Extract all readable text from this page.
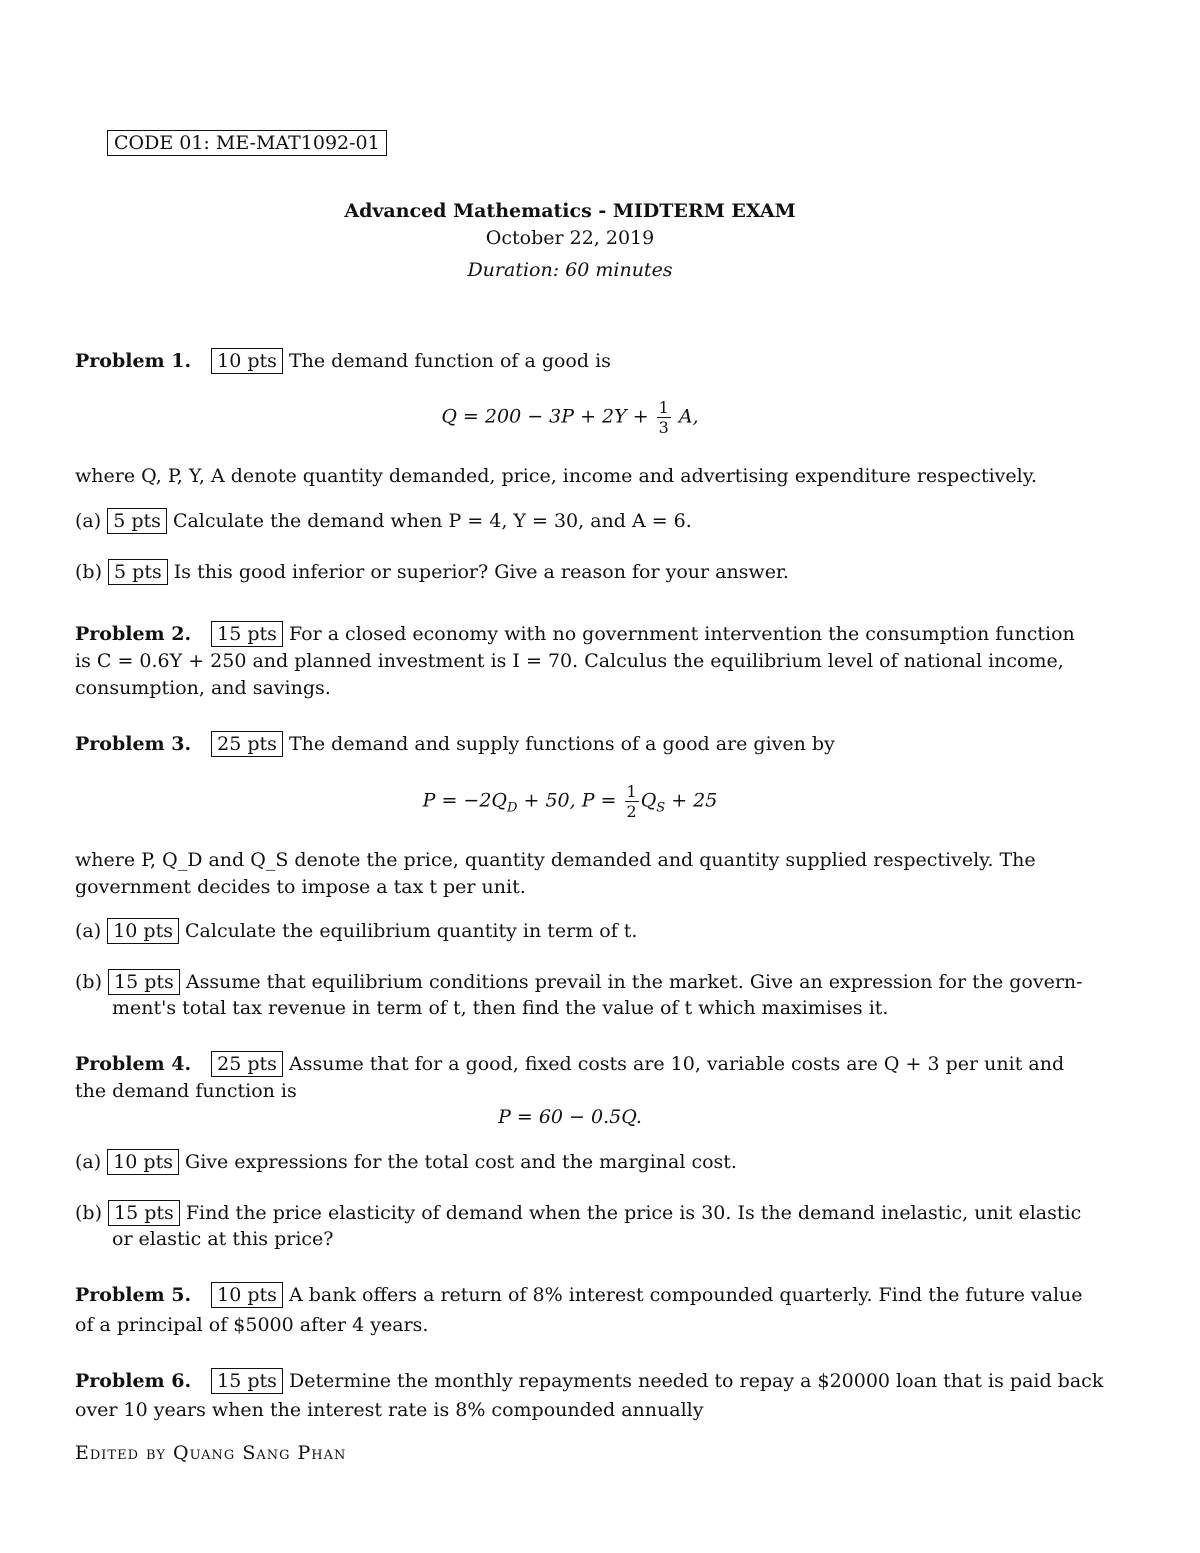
CODE 01: ME-MAT1092-01
Advanced Mathematics - MIDTERM EXAM
October 22, 2019
Duration: 60 minutes
Problem 1. 10 pts The demand function of a good is
$Q = 200 - 3P + 2Y + \frac{1}{3} A$,
where Q, P, Y, A denote quantity demanded, price, income and advertising expenditure respectively.
(a) 5 pts Calculate the demand when P = 4, Y = 30, and A = 6.
(b) 5 pts Is this good inferior or superior? Give a reason for your answer.
Problem 2. 15 pts For a closed economy with no government intervention the consumption function
is C = 0.6Y + 250 and planned investment is I = 70. Calculus the equilibrium level of national income,
consumption, and savings.
Problem 3. 25 pts The demand and supply functions of a good are given by
$P = -2Q_D + 50$, $P = \frac{1}{2} Q_S + 25$
where P, Q_D and Q_S denote the price, quantity demanded and quantity supplied respectively. The
government decides to impose a tax t per unit.
(a) 10 pts Calculate the equilibrium quantity in term of t.
(b) 15 pts Assume that equilibrium conditions prevail in the market. Give an expression for the govern-
ment's total tax revenue in term of t, then find the value of t which maximises it.
Problem 4. 25 pts Assume that for a good, fixed costs are 10, variable costs are Q + 3 per unit and
the demand function is
P = 60 − 0.5Q.
(a) 10 pts Give expressions for the total cost and the marginal cost.
(b) 15 pts Find the price elasticity of demand when the price is 30. Is the demand inelastic, unit elastic
or elastic at this price?
Problem 5. 10 pts A bank offers a return of 8% interest compounded quarterly. Find the future value
of a principal of $5000 after 4 years.
Problem 6. 15 pts Determine the monthly repayments needed to repay a $20000 loan that is paid back
over 10 years when the interest rate is 8% compounded annually
Edited by Quang Sang Phan
